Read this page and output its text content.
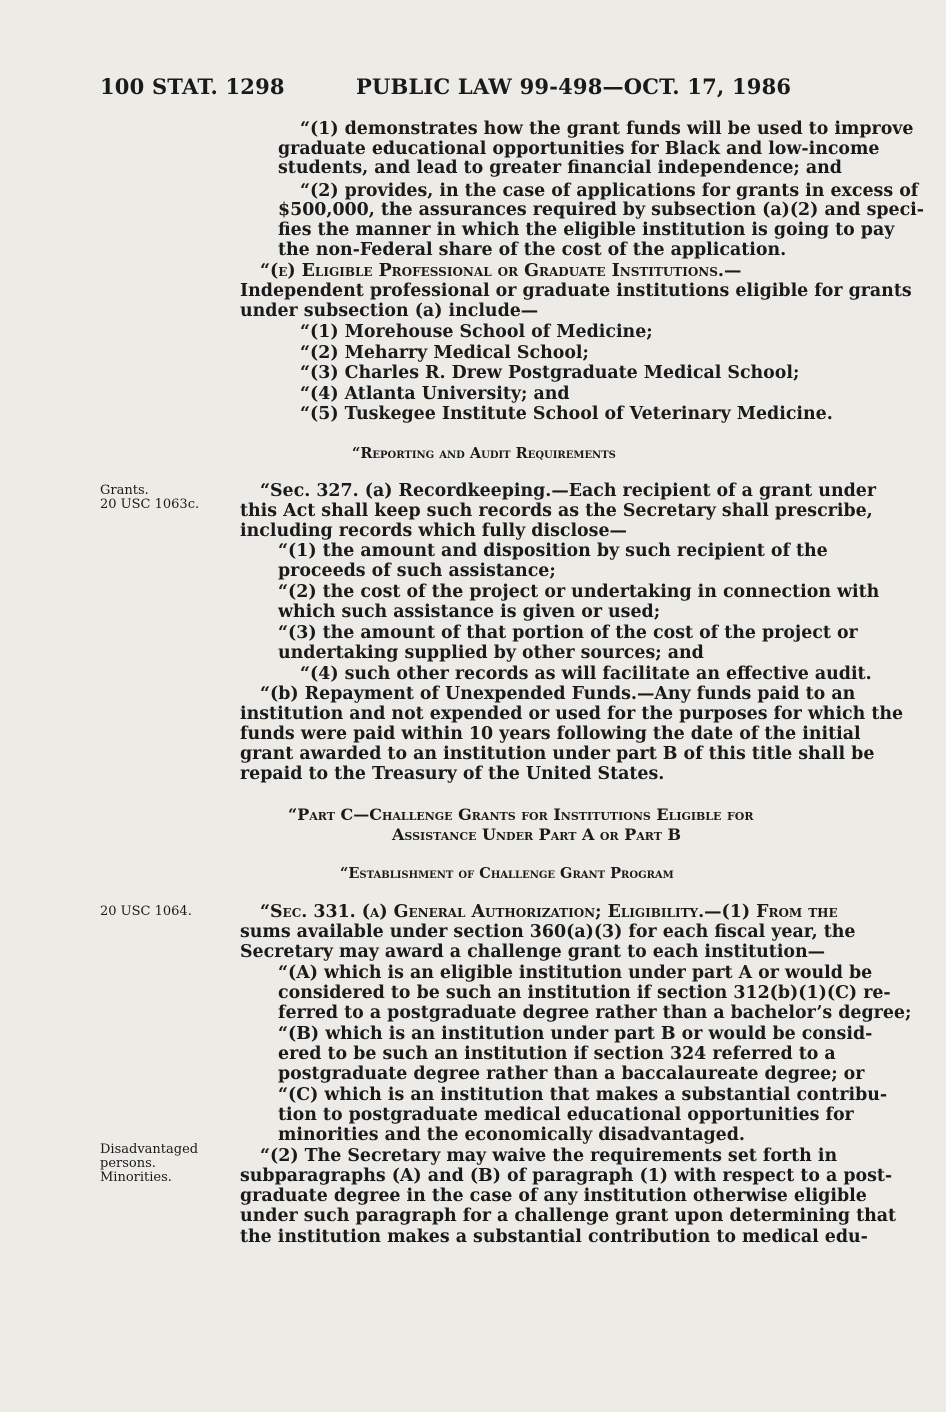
100 STAT. 1298	PUBLIC LAW 99-498—OCT. 17, 1986
Grants.
20 USC 1063c.
20 USC 1064.
Disadvantaged
persons.
Minorities.
“(1) demonstrates how the grant funds will be used to improve
graduate educational opportunities for Black and low-income
students, and lead to greater financial independence; and
“(2) provides, in the case of applications for grants in excess of
$500,000, the assurances required by subsection (a)(2) and speci-
fies the manner in which the eligible institution is going to pay
the non-Federal share of the cost of the application.
“(e) Eligible Professional or Graduate Institutions.—
Independent professional or graduate institutions eligible for grants
under subsection (a) include—
“(1) Morehouse School of Medicine;
“(2) Meharry Medical School;
“(3) Charles R. Drew Postgraduate Medical School;
“(4) Atlanta University; and
“(5) Tuskegee Institute School of Veterinary Medicine.
“Reporting and Audit Requirements
“Sec. 327. (a) Recordkeeping.—Each recipient of a grant under
this Act shall keep such records as the Secretary shall prescribe,
including records which fully disclose—
“(1) the amount and disposition by such recipient of the
proceeds of such assistance;
“(2) the cost of the project or undertaking in connection with
which such assistance is given or used;
“(3) the amount of that portion of the cost of the project or
undertaking supplied by other sources; and
“(4) such other records as will facilitate an effective audit.
“(b) Repayment of Unexpended Funds.—Any funds paid to an
institution and not expended or used for the purposes for which the
funds were paid within 10 years following the date of the initial
grant awarded to an institution under part B of this title shall be
repaid to the Treasury of the United States.
“Part C—Challenge Grants for Institutions Eligible for
Assistance Under Part A or Part B
“Establishment of Challenge Grant Program
“Sec. 331. (a) General Authorization; Eligibility.—(1) From the
sums available under section 360(a)(3) for each fiscal year, the
Secretary may award a challenge grant to each institution—
“(A) which is an eligible institution under part A or would be
considered to be such an institution if section 312(b)(1)(C) re-
ferred to a postgraduate degree rather than a bachelor’s degree;
“(B) which is an institution under part B or would be consid-
ered to be such an institution if section 324 referred to a
postgraduate degree rather than a baccalaureate degree; or
“(C) which is an institution that makes a substantial contribu-
tion to postgraduate medical educational opportunities for
minorities and the economically disadvantaged.
“(2) The Secretary may waive the requirements set forth in
subparagraphs (A) and (B) of paragraph (1) with respect to a post-
graduate degree in the case of any institution otherwise eligible
under such paragraph for a challenge grant upon determining that
the institution makes a substantial contribution to medical edu-
